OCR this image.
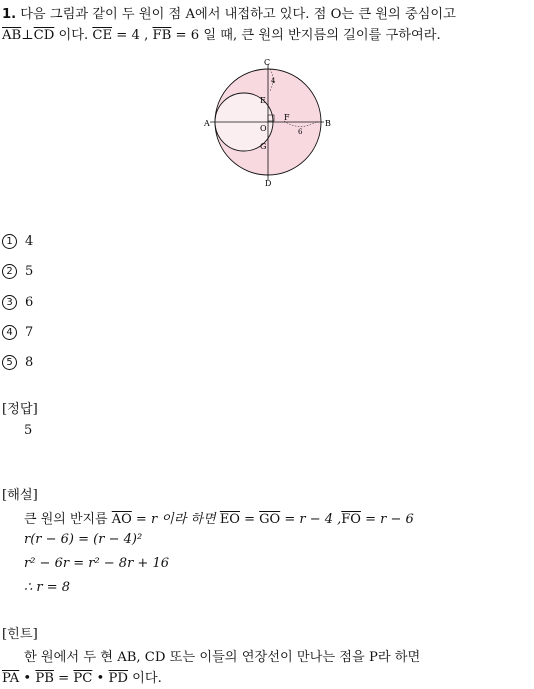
1. 다음 그림과 같이 두 원이 점 A에서 내접하고 있다. 점 O는 큰 원의 중심이고
$\overline{AB}\perp\overline{CD}$ 이다. $\overline{CE} = 4$ , $\overline{FB} = 6$ 일 때, 큰 원의 반지름의 길이를 구하여라.
A	B
C
D
O
E
F
G
4
6
1 4
2 5
3 6
4 7
5 8
[정답]
5
[해설]
큰 원의 반지름 $\overline{AO} = r$ 이라 하면 $\overline{EO} = \overline{GO} = r - 4$ $,\overline{FO} = r - 6$
r(r − 6) = (r − 4)²
r² − 6r = r² − 8r + 16
∴ r = 8
[힌트]
한 원에서 두 현 AB, CD 또는 이들의 연장선이 만나는 점을 P라 하면
$\overline{PA}$ • $\overline{PB} = \overline{PC}$ • $\overline{PD}$ 이다.
